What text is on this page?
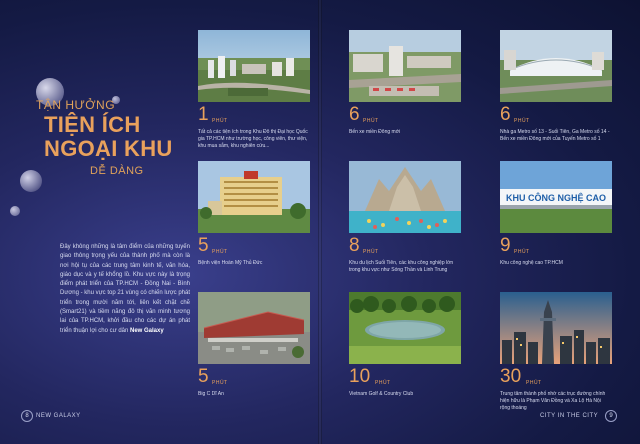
TẬN HƯỞNG
TIỆN ÍCH NGOẠI KHU
DỄ DÀNG
Đây không những là tâm điểm của những tuyến giao thông trọng yếu của thành phố mà còn là nơi hội tụ của các trung tâm kinh tế, văn hóa, giáo dục và y tế khổng lồ. Khu vực này là trọng điểm phát triển của TP.HCM - Đồng Nai - Bình Dương - khu vực top 21 vùng có chiến lược phát triển trong mười năm tới, liên kết chặt chẽ (Smart21) và tiềm năng đô thị văn minh tương lai của TP.HCM, khởi đầu cho các dự án phát triển thuận lợi cho cư dân New Galaxy
1 PHÚT
Tất cả các tiện ích trong Khu Đô thị Đại học Quốc gia TP.HCM như trường học, công viên, thư viện, khu mua sắm, khu nghiên cứu...
6 PHÚT
Bến xe miền Đông mới
6 PHÚT
Nhà ga Metro số 13 - Suối Tiên, Ga Metro số 14 - Bến xe miền Đông mới của Tuyến Metro số 1
5 PHÚT
Bệnh viện Hoàn Mỹ Thủ Đức
8 PHÚT
Khu du lịch Suối Tiên, các khu công nghiệp lớn trong khu vực như Sóng Thần và Linh Trung
KHU CÔNG NGHỆ CAO
9 PHÚT
Khu công nghệ cao TP.HCM
5 PHÚT
Big C Dĩ An
10 PHÚT
Vietnam Golf & Country Club
30 PHÚT
Trung tâm thành phố nhờ các trục đường chính hiện hữu là Phạm Văn Đồng và Xa Lộ Hà Nội rộng thoáng
8	NEW GALAXY	CITY IN THE CITY	9
